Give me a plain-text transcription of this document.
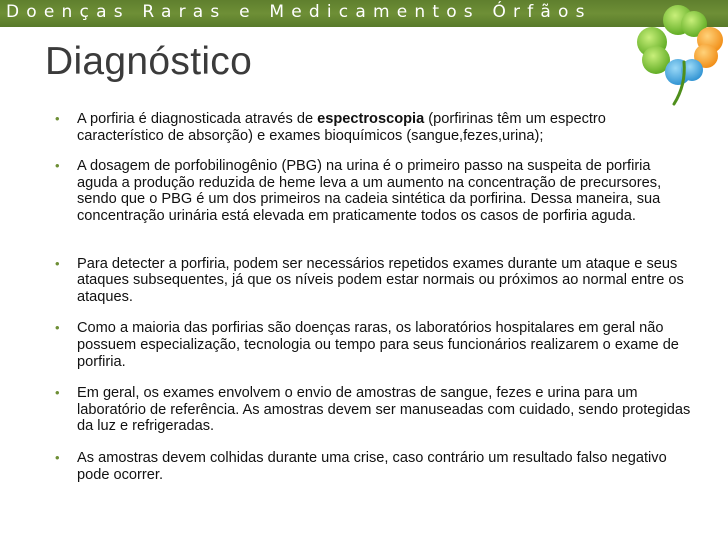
Doenças Raras e Medicamentos Órfãos
Diagnóstico
• A porfiria é diagnosticada através de espectroscopia (porfirinas têm um espectro característico de absorção) e exames bioquímicos (sangue,fezes,urina);
• A dosagem de porfobilinogênio (PBG) na urina é o primeiro passo na suspeita de porfiria aguda a produção reduzida de heme leva a um aumento na concentração de precursores, sendo que o PBG é um dos primeiros na cadeia sintética da porfirina. Dessa maneira, sua concentração urinária está elevada em praticamente todos os casos de porfiria aguda.
• Para detecter a porfiria, podem ser necessários repetidos exames durante um ataque e seus ataques subsequentes, já que os níveis podem estar normais ou próximos ao normal entre os ataques.
• Como a maioria das porfirias são doenças raras, os laboratórios hospitalares em geral não possuem especialização, tecnologia ou tempo para seus funcionários realizarem o exame de porfiria.
• Em geral, os exames envolvem o envio de amostras de sangue, fezes e urina para um laboratório de referência. As amostras devem ser manuseadas com cuidado, sendo protegidas da luz e refrigeradas.
• As amostras devem colhidas durante uma crise, caso contrário um resultado falso negativo pode ocorrer.
